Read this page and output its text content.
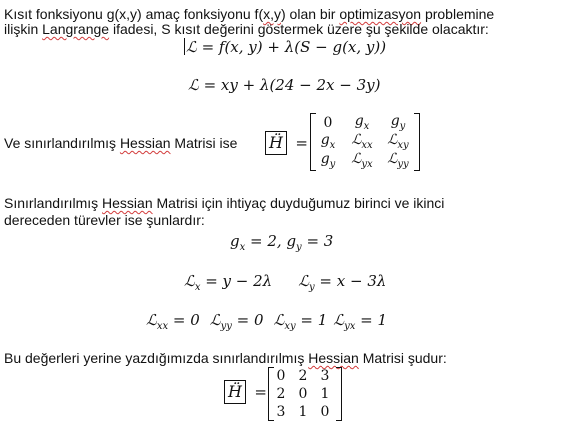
Kısıt fonksiyonu g(x,y) amaç fonksiyonu f(x,y) olan bir optimizasyon problemine
ilişkin Langrange ifadesi, S kısıt değerini göstermek üzere şu şekilde olacaktır:
ℒ = f(x, y) + λ(S − g(x, y))
ℒ = xy + λ(24 − 2x − 3y)
Ve sınırlandırılmış Hessian Matrisi ise Ḧ =
0	$g_x$	$g_y$
$g_x$	ℒ$_{xx}$	ℒ$_{xy}$
$g_y$	ℒ$_{yx}$	ℒ$_{yy}$
Sınırlandırılmış Hessian Matrisi için ihtiyaç duyduğumuz birinci ve ikinci
dereceden türevler ise şunlardır:
$g_x = 2$, $g_y = 3$
ℒ$_x$ = y − 2λ ℒ$_y$ = x − 3λ
ℒ$_{xx}$ = 0 ℒ$_{yy}$ = 0 ℒ$_{xy}$ = 1 ℒ$_{yx}$ = 1
Bu değerleri yerine yazdığımızda sınırlandırılmış Hessian Matrisi şudur:
Ḧ =
0 2 3
2 0 1
3 1 0
